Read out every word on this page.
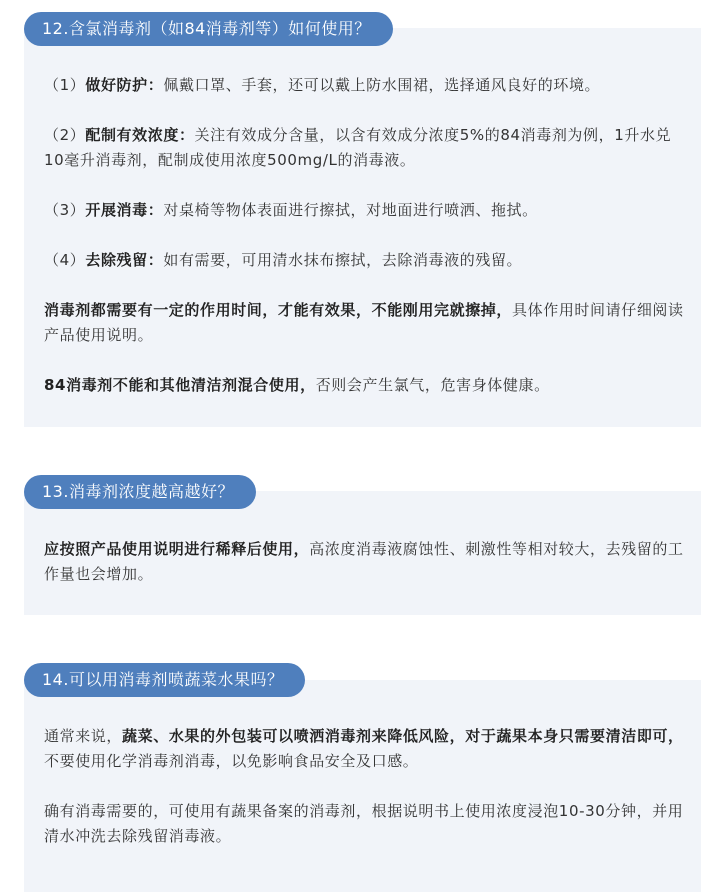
12.含氯消毒剂（如84消毒剂等）如何使用？
（1）做好防护：佩戴口罩、手套，还可以戴上防水围裙，选择通风良好的环境。
（2）配制有效浓度：关注有效成分含量，以含有效成分浓度5%的84消毒剂为例，1升水兑10毫升消毒剂，配制成使用浓度500mg/L的消毒液。
（3）开展消毒：对桌椅等物体表面进行擦拭，对地面进行喷洒、拖拭。
（4）去除残留：如有需要，可用清水抹布擦拭，去除消毒液的残留。
消毒剂都需要有一定的作用时间，才能有效果，不能刚用完就擦掉，具体作用时间请仔细阅读产品使用说明。
84消毒剂不能和其他清洁剂混合使用，否则会产生氯气，危害身体健康。
13.消毒剂浓度越高越好？
应按照产品使用说明进行稀释后使用，高浓度消毒液腐蚀性、刺激性等相对较大，去残留的工作量也会增加。
14.可以用消毒剂喷蔬菜水果吗？
通常来说，蔬菜、水果的外包装可以喷洒消毒剂来降低风险，对于蔬果本身只需要清洁即可，不要使用化学消毒剂消毒，以免影响食品安全及口感。
确有消毒需要的，可使用有蔬果备案的消毒剂，根据说明书上使用浓度浸泡10-30分钟，并用清水冲洗去除残留消毒液。
